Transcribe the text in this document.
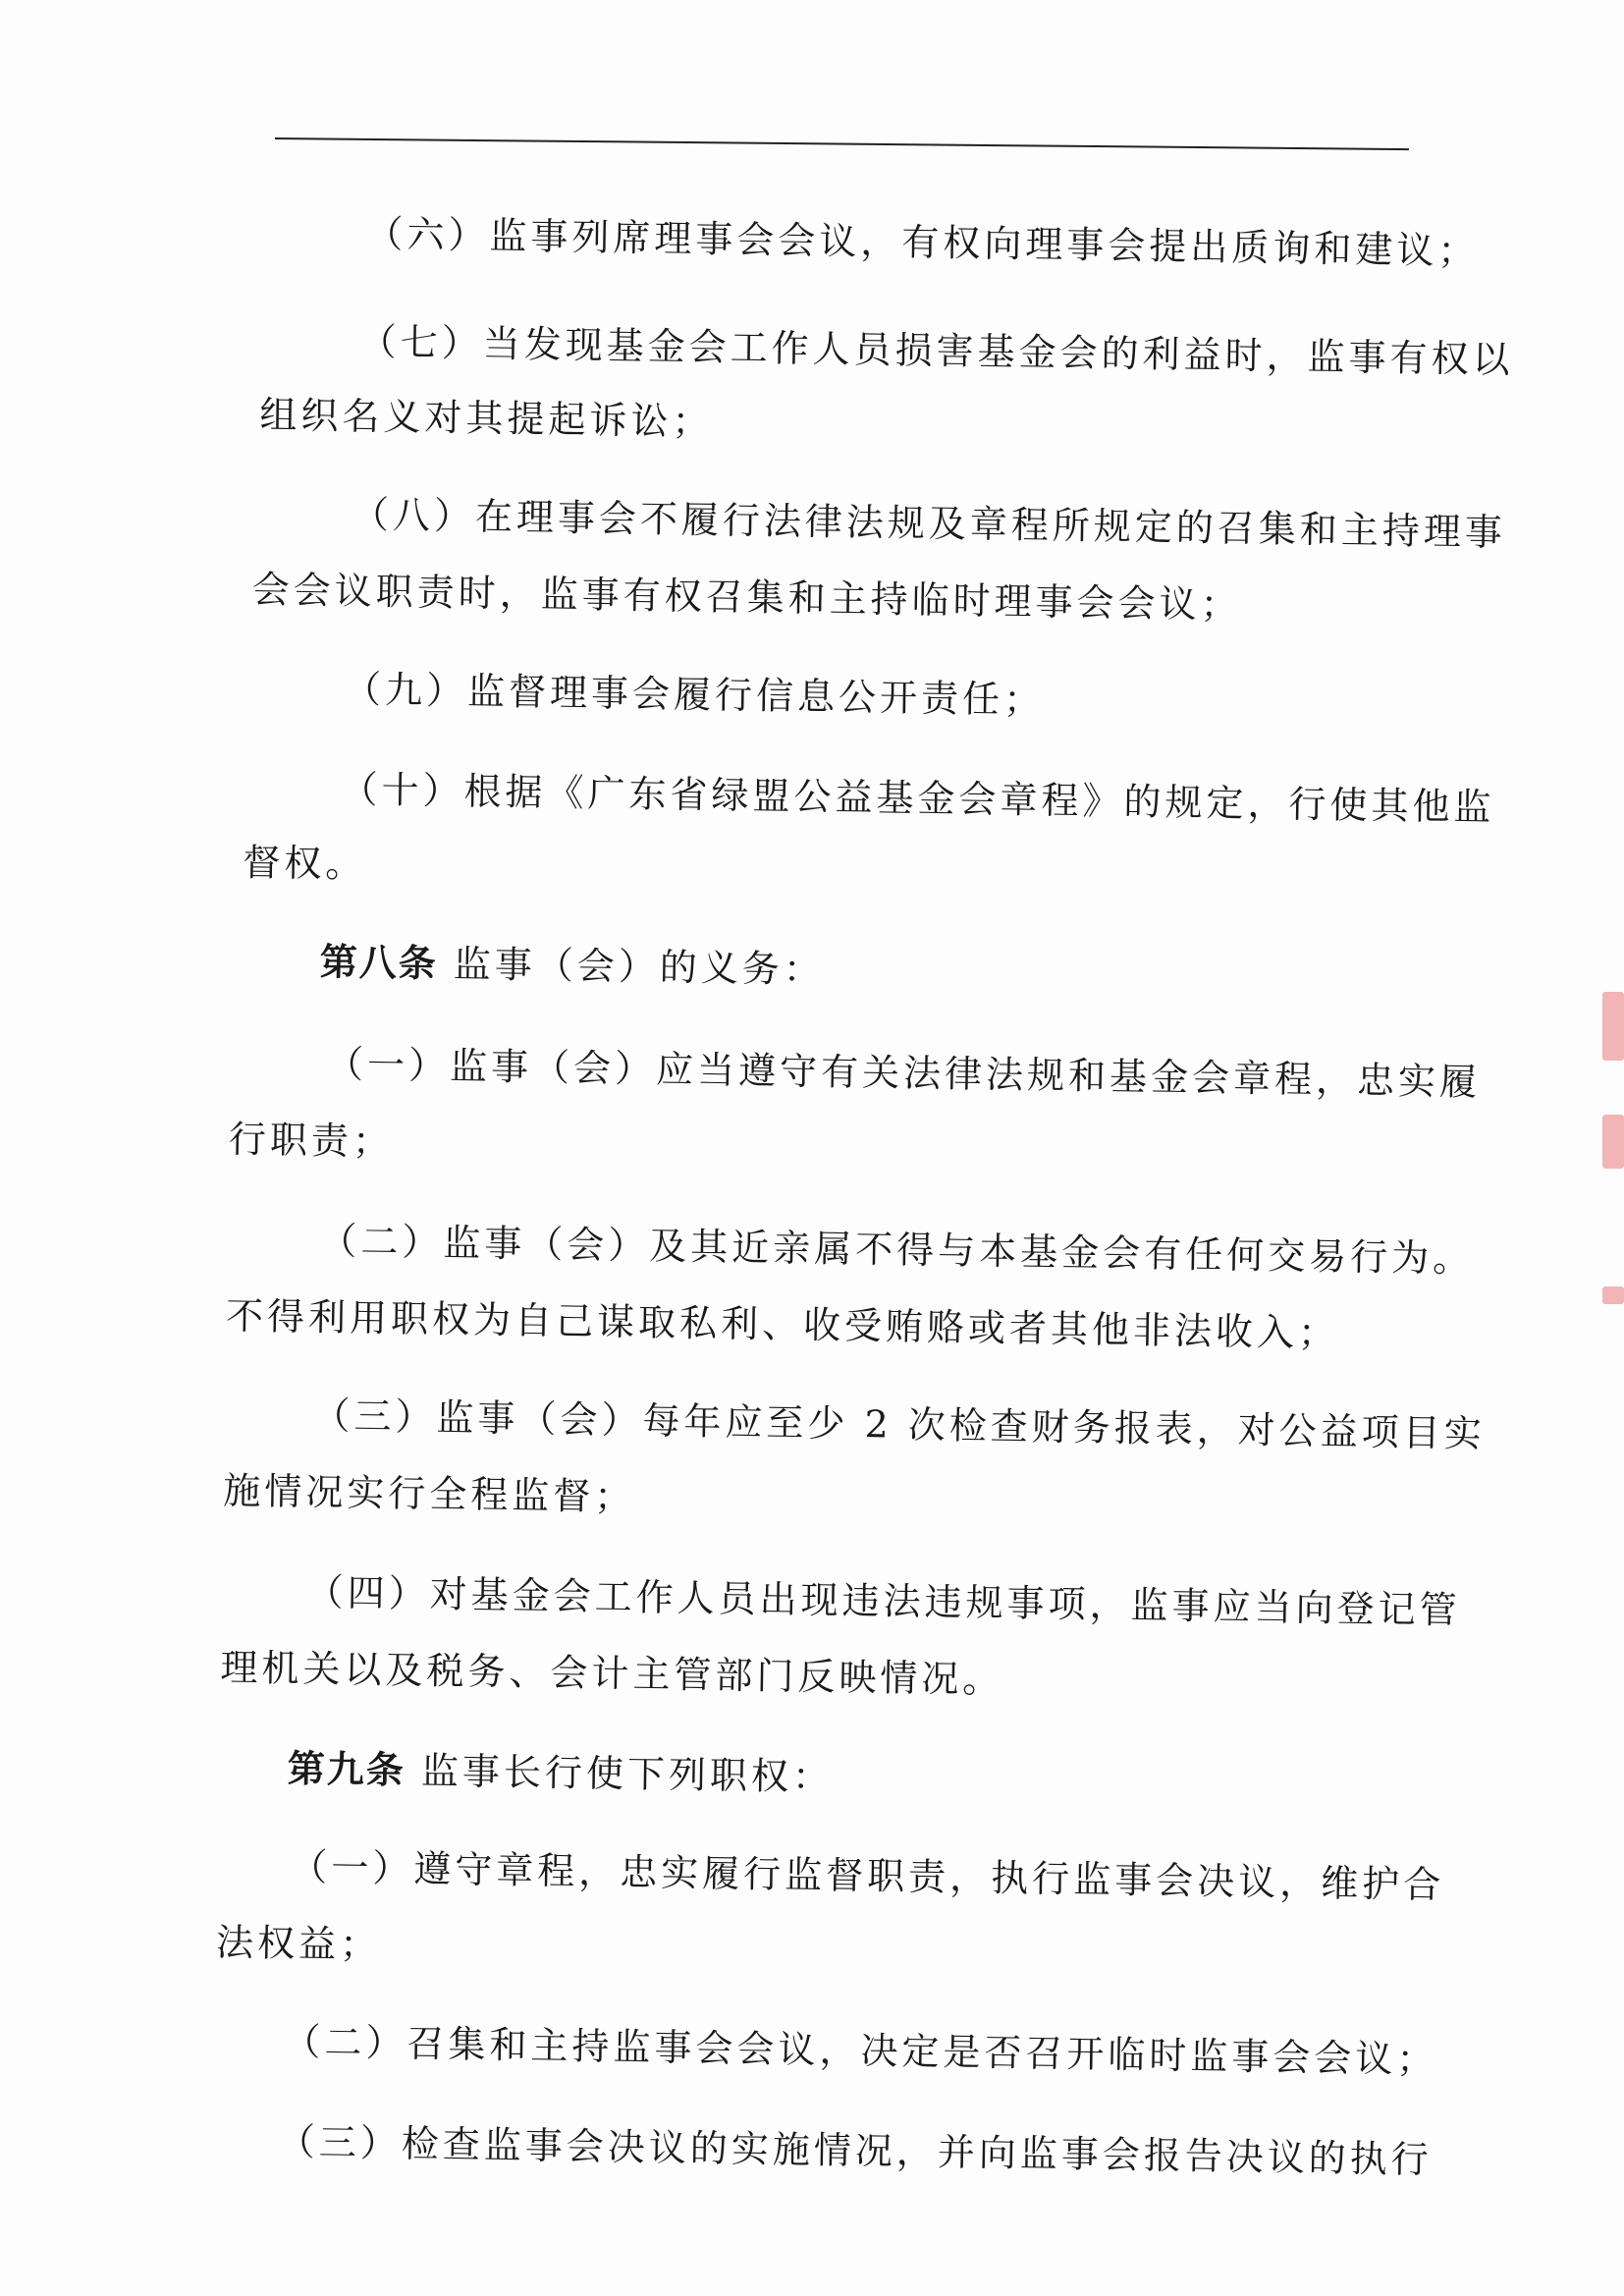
（六）监事列席理事会会议，有权向理事会提出质询和建议；
（七）当发现基金会工作人员损害基金会的利益时，监事有权以
组织名义对其提起诉讼；
（八）在理事会不履行法律法规及章程所规定的召集和主持理事
会会议职责时，监事有权召集和主持临时理事会会议；
（九）监督理事会履行信息公开责任；
（十）根据《广东省绿盟公益基金会章程》的规定，行使其他监
督权。
第八条 监事（会）的义务：
（一）监事（会）应当遵守有关法律法规和基金会章程，忠实履
行职责；
（二）监事（会）及其近亲属不得与本基金会有任何交易行为。
不得利用职权为自己谋取私利、收受贿赂或者其他非法收入；
（三）监事（会）每年应至少 2 次检查财务报表，对公益项目实
施情况实行全程监督；
（四）对基金会工作人员出现违法违规事项，监事应当向登记管
理机关以及税务、会计主管部门反映情况。
第九条 监事长行使下列职权：
（一）遵守章程，忠实履行监督职责，执行监事会决议，维护合
法权益；
（二）召集和主持监事会会议，决定是否召开临时监事会会议；
（三）检查监事会决议的实施情况，并向监事会报告决议的执行
